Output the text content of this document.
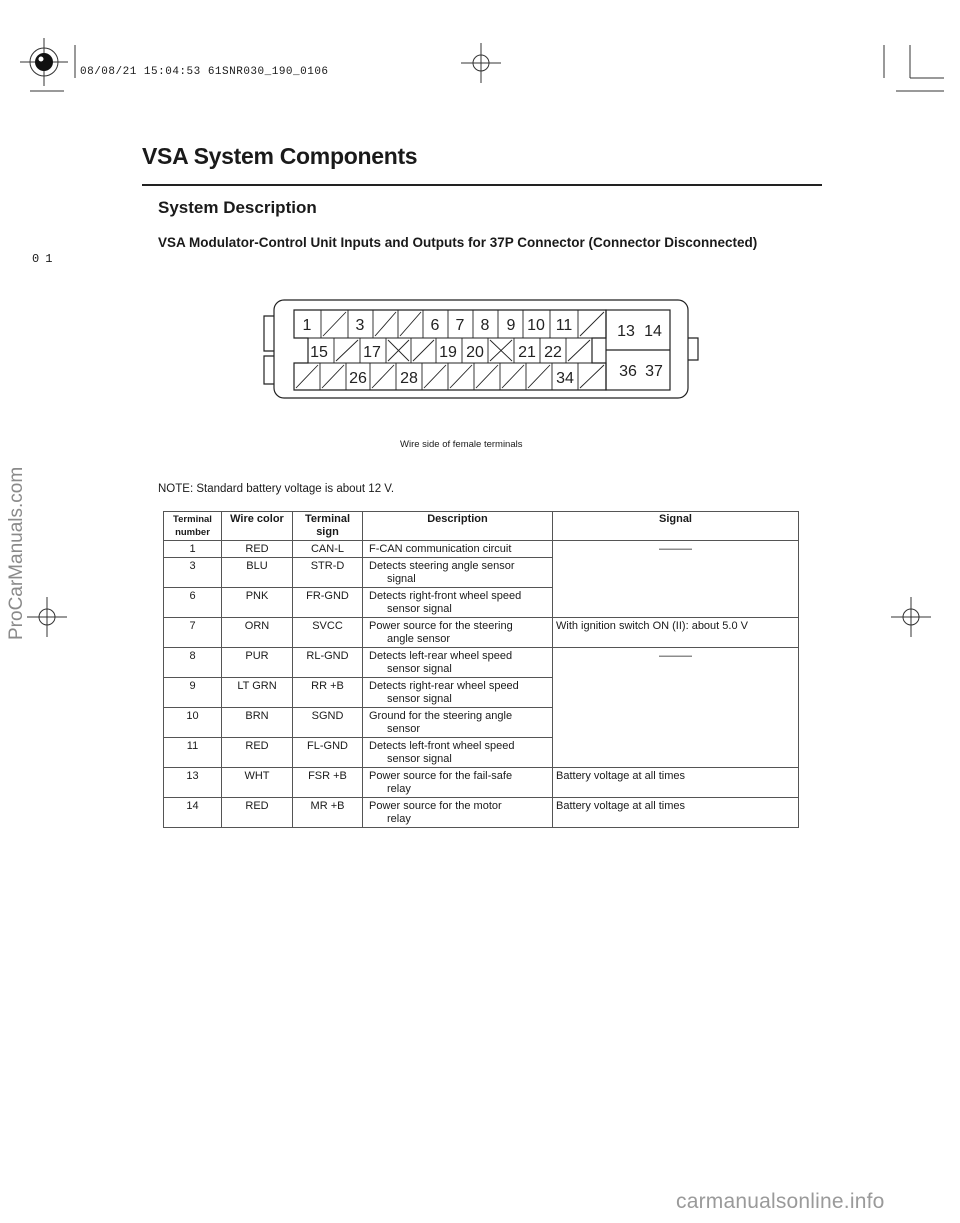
08/08/21 15:04:53 61SNR030_190_0106
01
VSA System Components
System Description
VSA Modulator-Control Unit Inputs and Outputs for 37P Connector (Connector Disconnected)
1	3	6 7 8 9 10 11	13 14
15 17	19 20 21 22
26 28	34	36 37
Wire side of female terminals
NOTE: Standard battery voltage is about 12 V.
Terminal
number	Wire color	Terminal
sign	Description	Signal
1	RED	CAN-L	F-CAN communication circuit	———

3	BLU	STR-D	Detects steering angle sensor
signal	
6	PNK	FR-GND	Detects right-front wheel speed
sensor signal	
7	ORN	SVCC	Power source for the steering
angle sensor	With ignition switch ON (II): about 5.0 V
8	PUR	RL-GND	Detects left-rear wheel speed
sensor signal	———

9	LT GRN	RR +B	Detects right-rear wheel speed
sensor signal	
10	BRN	SGND	Ground for the steering angle
sensor	
11	RED	FL-GND	Detects left-front wheel speed
sensor signal	
13	WHT	FSR +B	Power source for the fail-safe
relay	Battery voltage at all times
14	RED	MR +B	Power source for the motor
relay	Battery voltage at all times
ProCarManuals.com
carmanualsonline.info
